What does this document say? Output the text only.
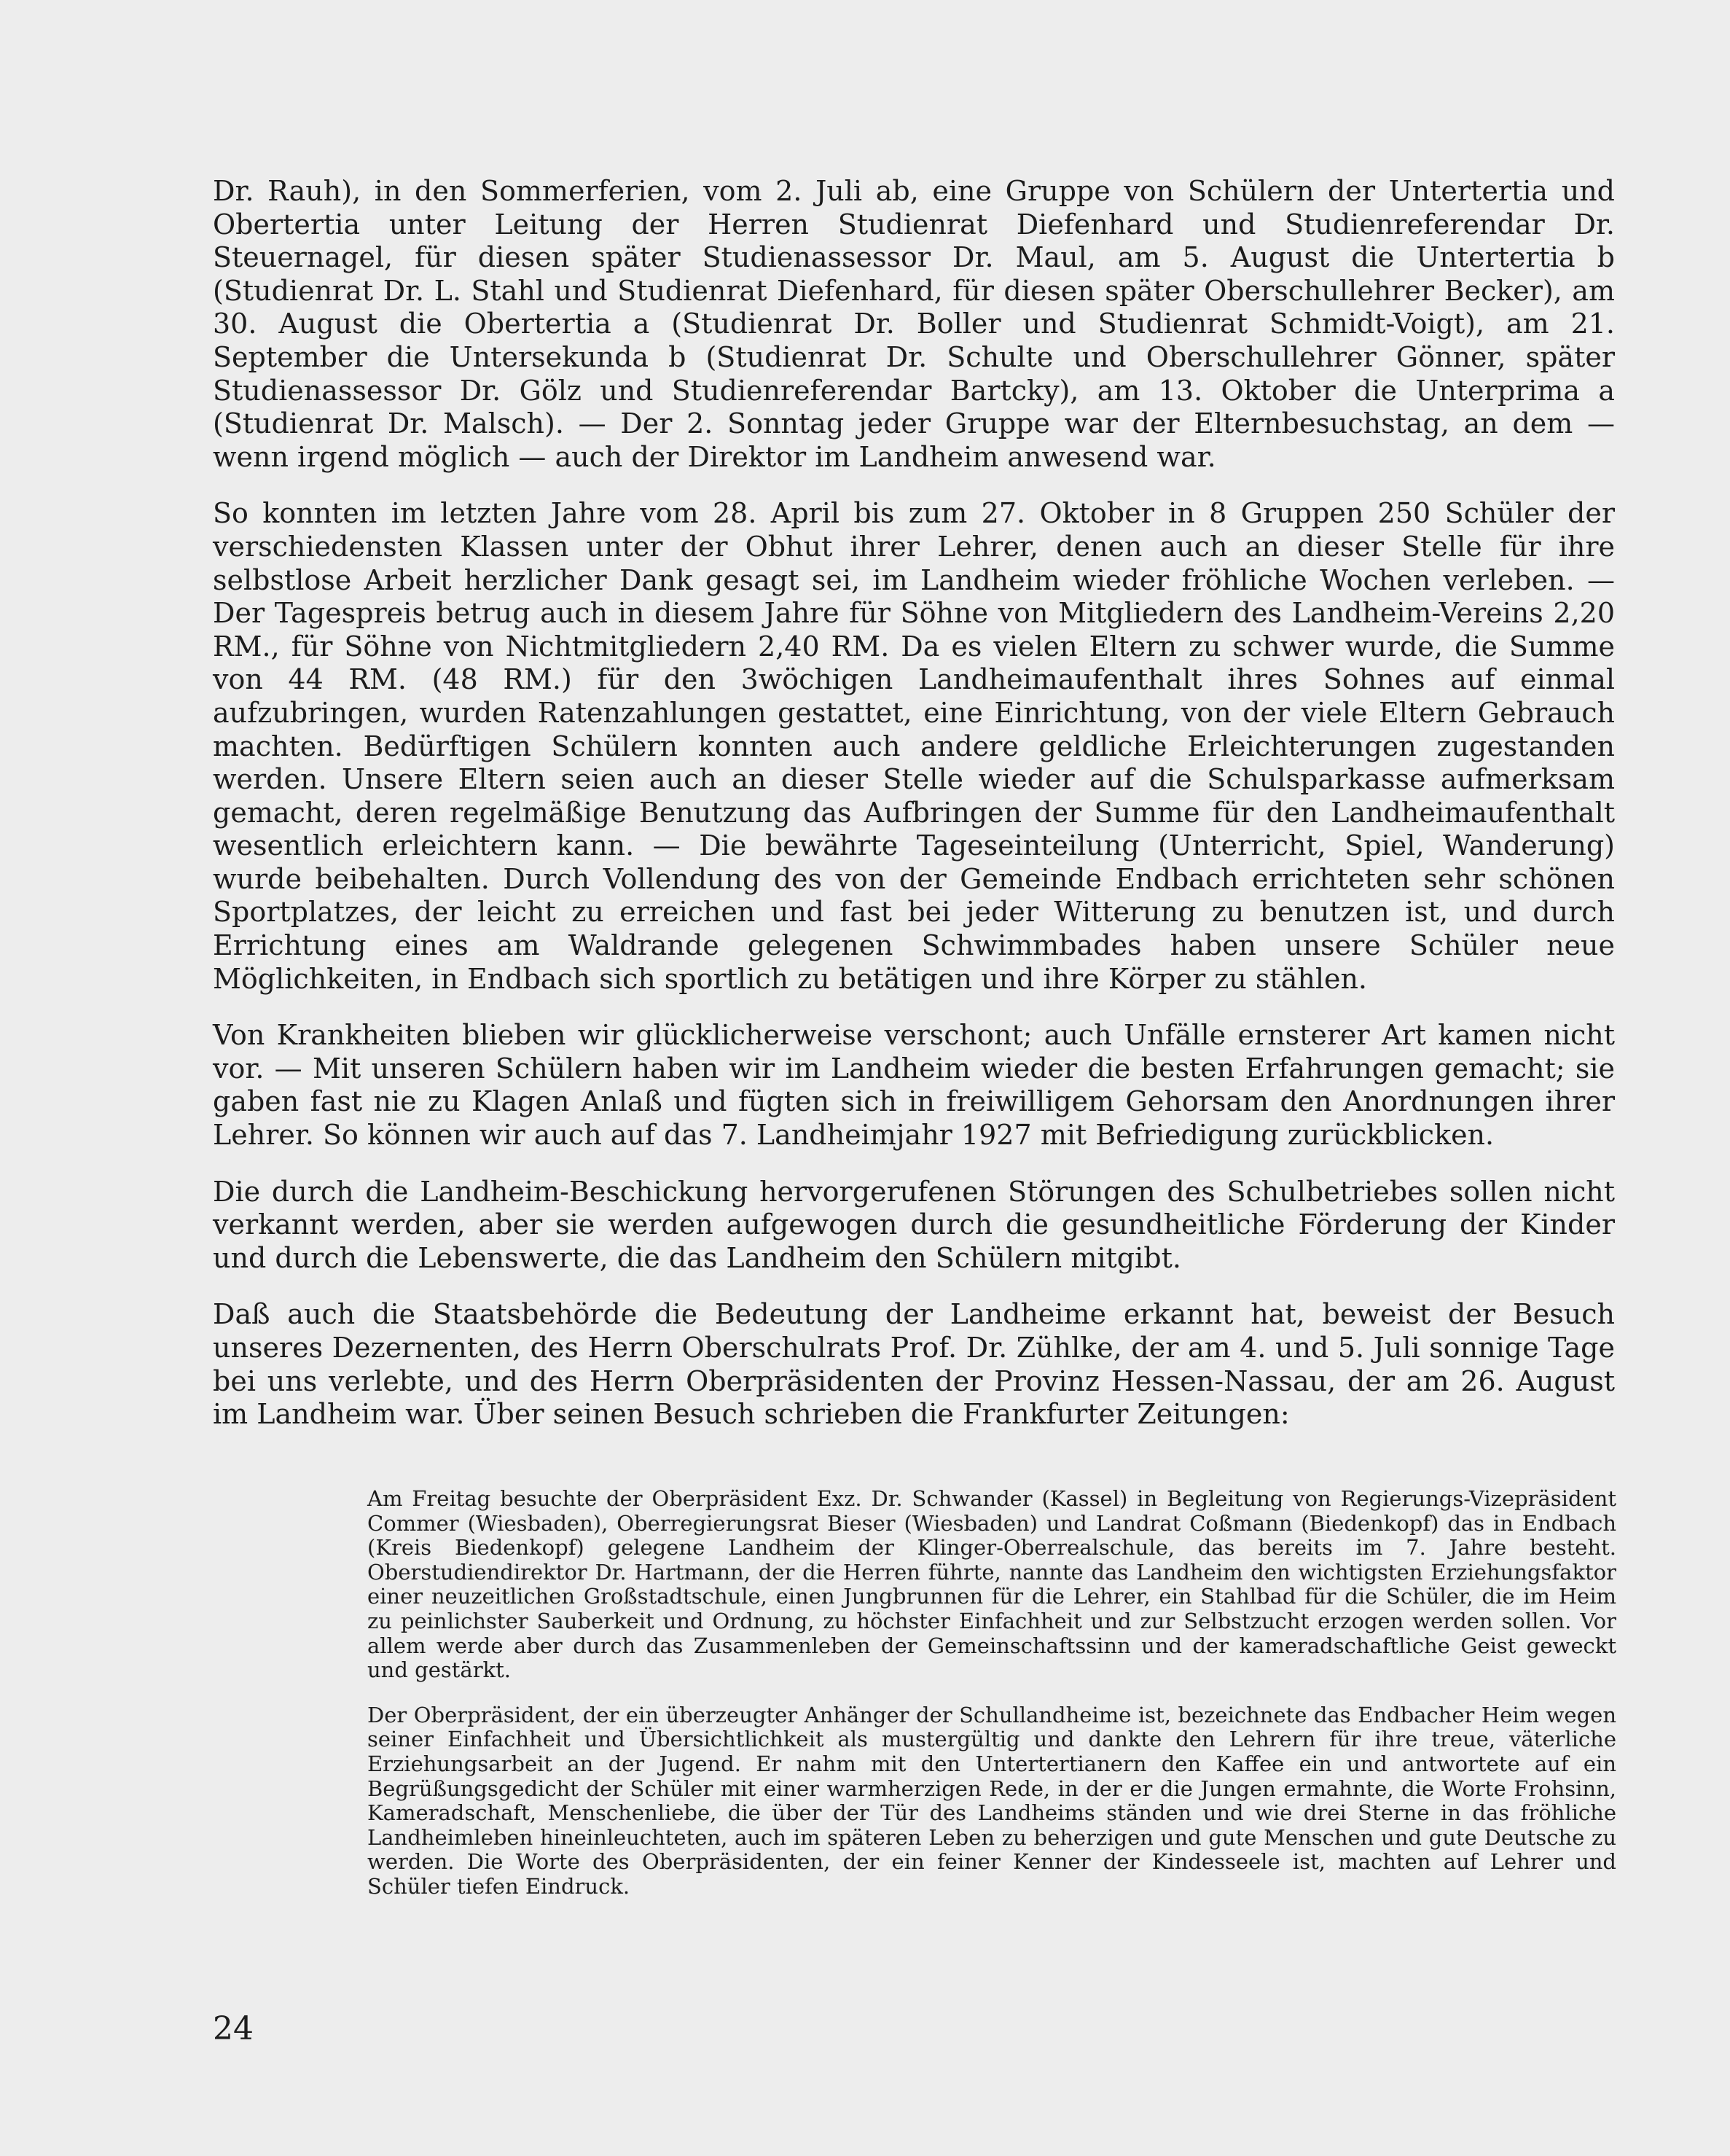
Dr. Rauh), in den Sommerferien, vom 2. Juli ab, eine Gruppe von Schülern der Untertertia und Obertertia unter Leitung der Herren Studienrat Diefenhard und Studienreferendar Dr. Steuernagel, für diesen später Studienassessor Dr. Maul, am 5. August die Untertertia b (Studienrat Dr. L. Stahl und Studienrat Diefenhard, für diesen später Oberschullehrer Becker), am 30. August die Obertertia a (Studienrat Dr. Boller und Studienrat Schmidt-Voigt), am 21. September die Untersekunda b (Studienrat Dr. Schulte und Oberschullehrer Gönner, später Studienassessor Dr. Gölz und Studienreferendar Bartcky), am 13. Oktober die Unterprima a (Studienrat Dr. Malsch). — Der 2. Sonntag jeder Gruppe war der Elternbesuchstag, an dem — wenn irgend möglich — auch der Direktor im Landheim anwesend war.

So konnten im letzten Jahre vom 28. April bis zum 27. Oktober in 8 Gruppen 250 Schüler der verschiedensten Klassen unter der Obhut ihrer Lehrer, denen auch an dieser Stelle für ihre selbstlose Arbeit herzlicher Dank gesagt sei, im Landheim wieder fröhliche Wochen verleben. — Der Tagespreis betrug auch in diesem Jahre für Söhne von Mitgliedern des Landheim-Vereins 2,20 RM., für Söhne von Nichtmitgliedern 2,40 RM. Da es vielen Eltern zu schwer wurde, die Summe von 44 RM. (48 RM.) für den 3wöchigen Landheimaufenthalt ihres Sohnes auf einmal aufzubringen, wurden Ratenzahlungen gestattet, eine Einrichtung, von der viele Eltern Gebrauch machten. Bedürftigen Schülern konnten auch andere geldliche Erleichterungen zugestanden werden. Unsere Eltern seien auch an dieser Stelle wieder auf die Schulsparkasse aufmerksam gemacht, deren regelmäßige Benutzung das Aufbringen der Summe für den Landheimaufenthalt wesentlich erleichtern kann. — Die bewährte Tageseinteilung (Unterricht, Spiel, Wanderung) wurde beibehalten. Durch Vollendung des von der Gemeinde Endbach errichteten sehr schönen Sportplatzes, der leicht zu erreichen und fast bei jeder Witterung zu benutzen ist, und durch Errichtung eines am Waldrande gelegenen Schwimmbades haben unsere Schüler neue Möglichkeiten, in Endbach sich sportlich zu betätigen und ihre Körper zu stählen.

Von Krankheiten blieben wir glücklicherweise verschont; auch Unfälle ernsterer Art kamen nicht vor. — Mit unseren Schülern haben wir im Landheim wieder die besten Erfahrungen gemacht; sie gaben fast nie zu Klagen Anlaß und fügten sich in freiwilligem Gehorsam den Anordnungen ihrer Lehrer. So können wir auch auf das 7. Landheimjahr 1927 mit Befriedigung zurückblicken.

Die durch die Landheim-Beschickung hervorgerufenen Störungen des Schulbetriebes sollen nicht verkannt werden, aber sie werden aufgewogen durch die gesundheitliche Förderung der Kinder und durch die Lebenswerte, die das Landheim den Schülern mitgibt.

Daß auch die Staatsbehörde die Bedeutung der Landheime erkannt hat, beweist der Besuch unseres Dezernenten, des Herrn Oberschulrats Prof. Dr. Zühlke, der am 4. und 5. Juli sonnige Tage bei uns verlebte, und des Herrn Oberpräsidenten der Provinz Hessen-Nassau, der am 26. August im Landheim war. Über seinen Besuch schrieben die Frankfurter Zeitungen:

Am Freitag besuchte der Oberpräsident Exz. Dr. Schwander (Kassel) in Begleitung von Regierungs-Vizepräsident Commer (Wiesbaden), Oberregierungsrat Bieser (Wiesbaden) und Landrat Coßmann (Biedenkopf) das in Endbach (Kreis Biedenkopf) gelegene Landheim der Klinger-Oberrealschule, das bereits im 7. Jahre besteht. Oberstudiendirektor Dr. Hartmann, der die Herren führte, nannte das Landheim den wichtigsten Erziehungsfaktor einer neuzeitlichen Großstadtschule, einen Jungbrunnen für die Lehrer, ein Stahlbad für die Schüler, die im Heim zu peinlichster Sauberkeit und Ordnung, zu höchster Einfachheit und zur Selbstzucht erzogen werden sollen. Vor allem werde aber durch das Zusammenleben der Gemeinschaftssinn und der kameradschaftliche Geist geweckt und gestärkt.

Der Oberpräsident, der ein überzeugter Anhänger der Schullandheime ist, bezeichnete das Endbacher Heim wegen seiner Einfachheit und Übersichtlichkeit als mustergültig und dankte den Lehrern für ihre treue, väterliche Erziehungsarbeit an der Jugend. Er nahm mit den Untertertianern den Kaffee ein und antwortete auf ein Begrüßungsgedicht der Schüler mit einer warmherzigen Rede, in der er die Jungen ermahnte, die Worte Frohsinn, Kameradschaft, Menschenliebe, die über der Tür des Landheims ständen und wie drei Sterne in das fröhliche Landheimleben hineinleuchteten, auch im späteren Leben zu beherzigen und gute Menschen und gute Deutsche zu werden. Die Worte des Oberpräsidenten, der ein feiner Kenner der Kindesseele ist, machten auf Lehrer und Schüler tiefen Eindruck.

24
